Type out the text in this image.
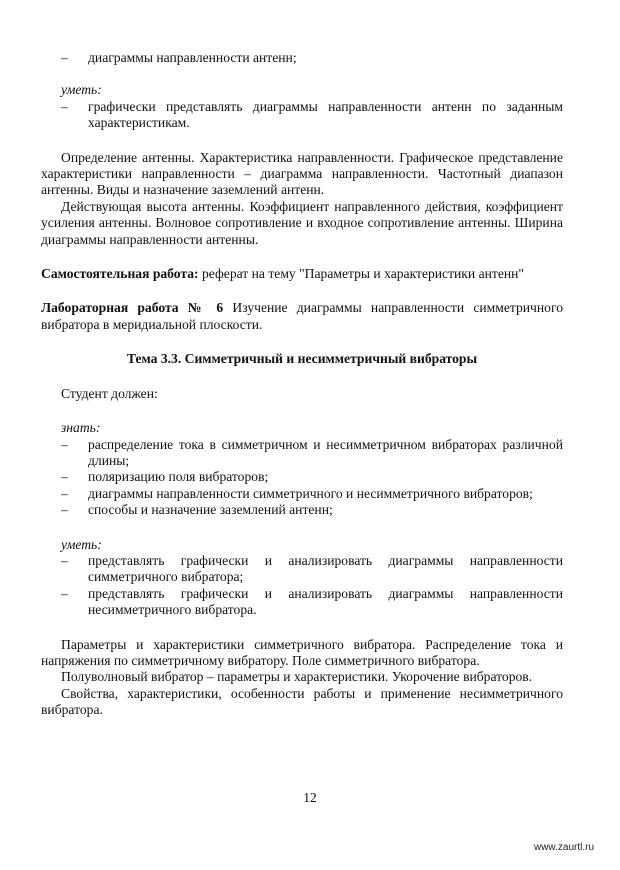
– диаграммы направленности антенн;

уметь:

– графически представлять диаграммы направленности антенн по заданным характеристикам.

Определение антенны. Характеристика направленности. Графическое представление характеристики направленности – диаграмма направленности. Частотный диапазон антенны. Виды и назначение заземлений антенн.

Действующая высота антенны. Коэффициент направленного действия, коэффициент усиления антенны. Волновое сопротивление и входное сопротивление антенны. Ширина диаграммы направленности антенны.

Самостоятельная работа: реферат на тему "Параметры и характеристики антенн"

Лабораторная работа № 6 Изучение диаграммы направленности симметричного вибратора в меридиальной плоскости.

Тема 3.3. Симметричный и несимметричный вибраторы

Студент должен:

знать:

– распределение тока в симметричном и несимметричном вибраторах различной длины;

– поляризацию поля вибраторов;

– диаграммы направленности симметричного и несимметричного вибраторов;

– способы и назначение заземлений антенн;

уметь:

– представлять графически и анализировать диаграммы направленности симметричного вибратора;

– представлять графически и анализировать диаграммы направленности несимметричного вибратора.

Параметры и характеристики симметричного вибратора. Распределение тока и напряжения по симметричному вибратору. Поле симметричного вибратора.

Полуволновый вибратор – параметры и характеристики. Укорочение вибраторов.

Свойства, характеристики, особенности работы и применение несимметричного вибратора.

12
www.zaurtl.ru
